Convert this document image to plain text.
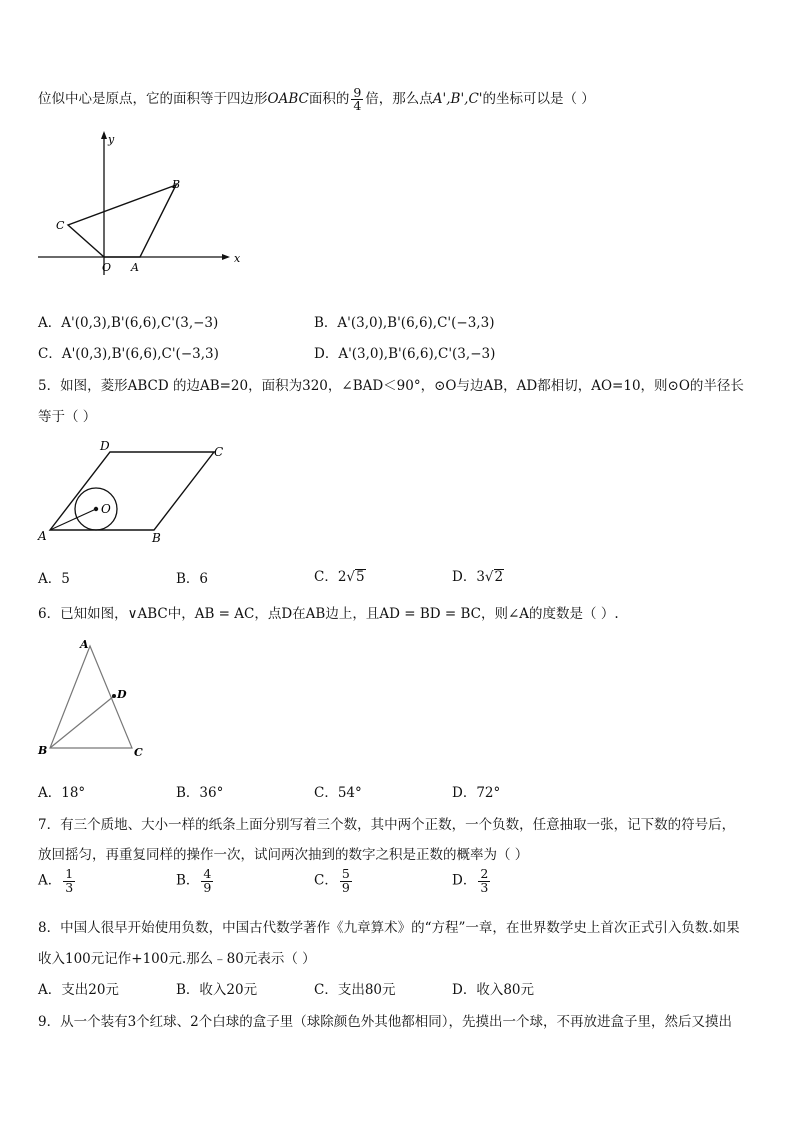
位似中心是原点，它的面积等于四边形OABC面积的 $\frac{9}{4}$ 倍，那么点A',B',C'的坐标可以是（ ）
y
x
O A
B
C
A．A'(0,3),B'(6,6),C'(3,−3)	B．A'(3,0),B'(6,6),C'(−3,3)
C．A'(0,3),B'(6,6),C'(−3,3)	D．A'(3,0),B'(6,6),C'(3,−3)
5．如图，菱形ABCD 的边AB=20，面积为320，∠BAD＜90°，⊙O与边AB，AD都相切，AO=10，则⊙O的半径长
等于（ ）
A	B
C
D
O
A．5	B．6	C．2√5	D．3√2
6．已知如图，∨ABC中，AB = AC，点D在AB边上，且AD = BD = BC，则∠A的度数是（ ）.
A
B	C
D
A．18°	B．36°	C．54°	D．72°
7．有三个质地、大小一样的纸条上面分别写着三个数，其中两个正数，一个负数，任意抽取一张，记下数的符号后，
放回摇匀，再重复同样的操作一次，试问两次抽到的数字之积是正数的概率为（ ）
A． $\frac{1}{3}$	B． $\frac{4}{9}$	C． $\frac{5}{9}$	D． $\frac{2}{3}$
8．中国人很早开始使用负数，中国古代数学著作《九章算术》的“方程”一章，在世界数学史上首次正式引入负数.如果
收入100元记作+100元.那么﹣80元表示（ ）
A．支出20元	B．收入20元	C．支出80元	D．收入80元
9．从一个装有3个红球、2个白球的盒子里（球除颜色外其他都相同），先摸出一个球，不再放进盒子里，然后又摸出
